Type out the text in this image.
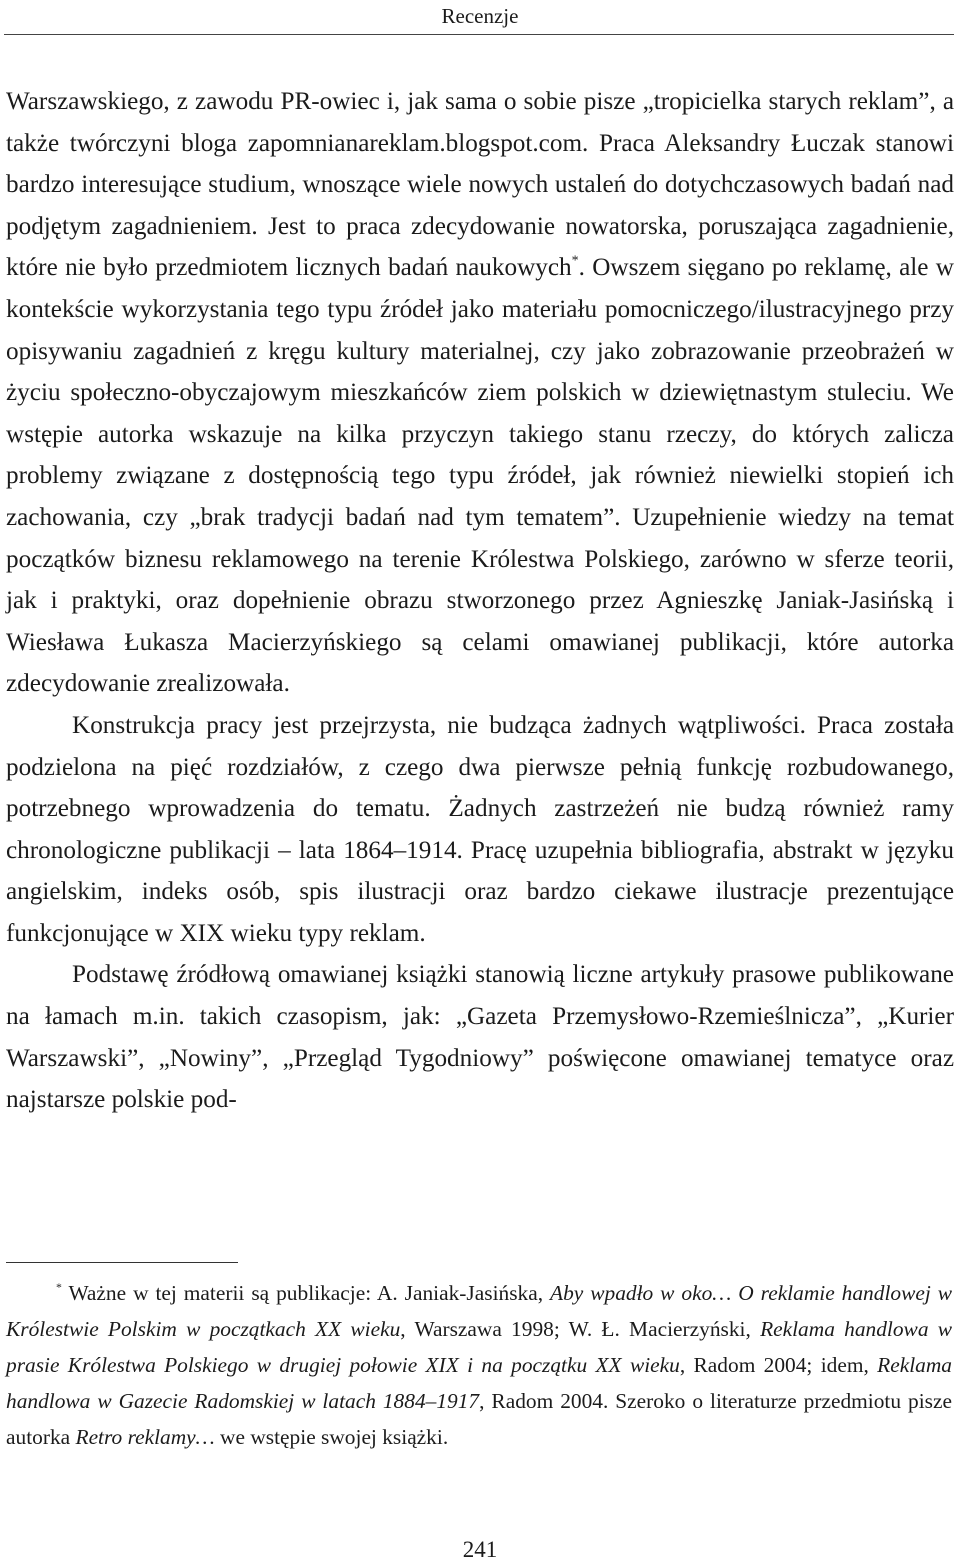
Recenzje

Warszawskiego, z zawodu PR-owiec i, jak sama o sobie pisze „tropicielka starych reklam”, a także twórczyni bloga zapomnianareklam.blogspot.com. Praca Aleksandry Łuczak stanowi bardzo interesujące studium, wnoszące wiele nowych ustaleń do dotychczasowych badań nad podjętym zagadnieniem. Jest to praca zdecydowanie nowatorska, poruszająca zagadnienie, które nie było przedmiotem licznych badań naukowych*. Owszem sięgano po reklamę, ale w kontekście wykorzystania tego typu źródeł jako materiału pomocniczego/ilustracyjnego przy opisywaniu zagadnień z kręgu kultury materialnej, czy jako zobrazowanie przeobrażeń w życiu społeczno-obyczajowym mieszkańców ziem polskich w dziewiętnastym stuleciu. We wstępie autorka wskazuje na kilka przyczyn takiego stanu rzeczy, do których zalicza problemy związane z dostępnością tego typu źródeł, jak również niewielki stopień ich zachowania, czy „brak tradycji badań nad tym tematem”. Uzupełnienie wiedzy na temat początków biznesu reklamowego na terenie Królestwa Polskiego, zarówno w sferze teorii, jak i praktyki, oraz dopełnienie obrazu stworzonego przez Agnieszkę Janiak-Jasińską i Wiesława Łukasza Macierzyńskiego są celami omawianej publikacji, które autorka zdecydowanie zrealizowała.

Konstrukcja pracy jest przejrzysta, nie budząca żadnych wątpliwości. Praca została podzielona na pięć rozdziałów, z czego dwa pierwsze pełnią funkcję rozbudowanego, potrzebnego wprowadzenia do tematu. Żadnych zastrzeżeń nie budzą również ramy chronologiczne publikacji – lata 1864–1914. Pracę uzupełnia bibliografia, abstrakt w języku angielskim, indeks osób, spis ilustracji oraz bardzo ciekawe ilustracje prezentujące funkcjonujące w XIX wieku typy reklam.

Podstawę źródłową omawianej książki stanowią liczne artykuły prasowe publikowane na łamach m.in. takich czasopism, jak: „Gazeta Przemysłowo-Rzemieślnicza”, „Kurier Warszawski”, „Nowiny”, „Przegląd Tygodniowy” poświęcone omawianej tematyce oraz najstarsze polskie pod-

* Ważne w tej materii są publikacje: A. Janiak-Jasińska, Aby wpadło w oko… O reklamie handlowej w Królestwie Polskim w początkach XX wieku, Warszawa 1998; W. Ł. Macierzyński, Reklama handlowa w prasie Królestwa Polskiego w drugiej połowie XIX i na początku XX wieku, Radom 2004; idem, Reklama handlowa w Gazecie Radomskiej w latach 1884–1917, Radom 2004. Szeroko o literaturze przedmiotu pisze autorka Retro reklamy… we wstępie swojej książki.

241
